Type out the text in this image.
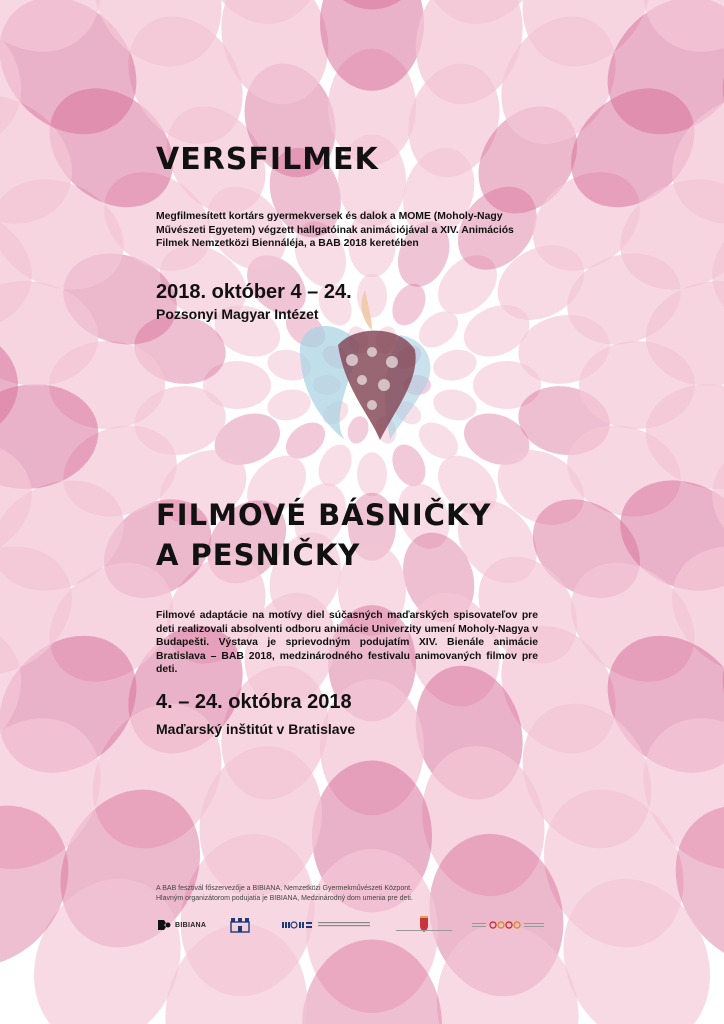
VERSFILMEK

Megfilmesített kortárs gyermekversek és dalok a MOME (Moholy-Nagy Művészeti Egyetem) végzett hallgatóinak animációjával a XIV. Animációs Filmek Nemzetközi Biennáléja, a BAB 2018 keretében

2018. október 4 – 24.

Pozsonyi Magyar Intézet

FILMOVÉ BÁSNIČKY
A PESNIČKY

Filmové adaptácie na motívy diel súčasných maďarských spisovateľov pre deti realizovali absolventi odboru animácie Univerzity umení Moholy-Nagya v Budapešti. Výstava je sprievodným podujatím XIV. Bienále animácie Bratislava – BAB 2018, medzinárodného festivalu animovaných filmov pre deti.

4. – 24. októbra 2018

Maďarský inštitút v Bratislave

A BAB fesztivál főszervezője a BIBIANA, Nemzetközi Gyermekművészeti Központ.
Hlavným organizátorom podujatia je BIBIANA, Medzinárodný dom umenia pre deti.
BIBIANA
